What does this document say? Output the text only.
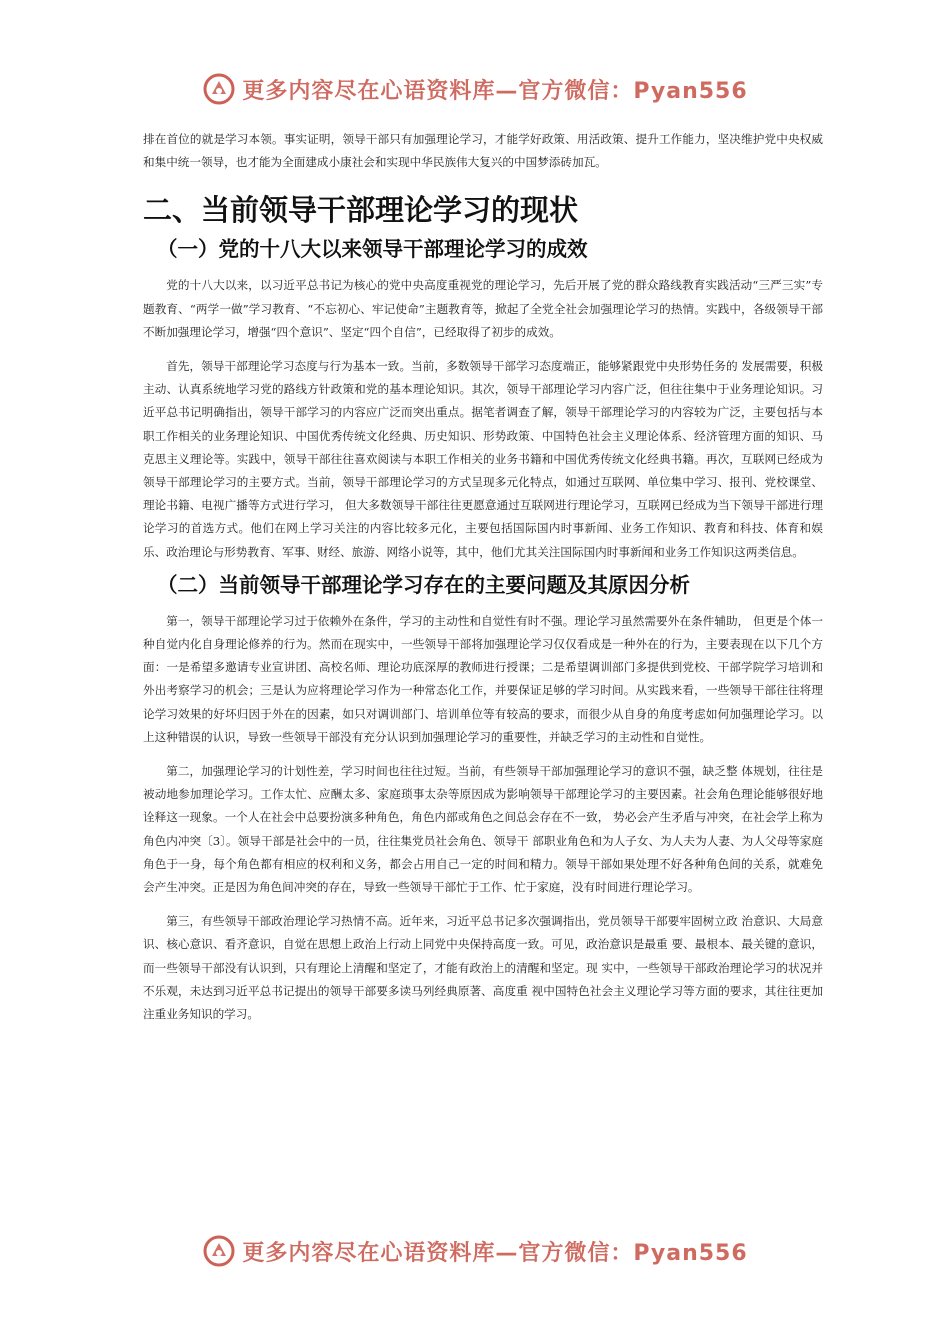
更多内容尽在心语资料库—官方微信：Pyan556

排在首位的就是学习本领。事实证明，领导干部只有加强理论学习，才能学好政策、用活政策、提升工作能力，坚决维护党中央权威和集中统一领导，也才能为全面建成小康社会和实现中华民族伟大复兴的中国梦添砖加瓦。

二、当前领导干部理论学习的现状
（一）党的十八大以来领导干部理论学习的成效

党的十八大以来，以习近平总书记为核心的党中央高度重视党的理论学习，先后开展了党的群众路线教育实践活动“三严三实”专题教育、“两学一做”学习教育、“不忘初心、牢记使命”主题教育等，掀起了全党全社会加强理论学习的热情。实践中，各级领导干部不断加强理论学习，增强“四个意识”、坚定“四个自信”，已经取得了初步的成效。

首先，领导干部理论学习态度与行为基本一致。当前，多数领导干部学习态度端正，能够紧跟党中央形势任务的 发展需要，积极主动、认真系统地学习党的路线方针政策和党的基本理论知识。其次，领导干部理论学习内容广泛，但往往集中于业务理论知识。习近平总书记明确指出，领导干部学习的内容应广泛而突出重点。据笔者调查了解，领导干部理论学习的内容较为广泛，主要包括与本职工作相关的业务理论知识、中国优秀传统文化经典、历史知识、形势政策、中国特色社会主义理论体系、经济管理方面的知识、马克思主义理论等。实践中，领导干部往往喜欢阅读与本职工作相关的业务书籍和中国优秀传统文化经典书籍。再次，互联网已经成为领导干部理论学习的主要方式。当前，领导干部理论学习的方式呈现多元化特点，如通过互联网、单位集中学习、报刊、党校课堂、理论书籍、电视广播等方式进行学习， 但大多数领导干部往往更愿意通过互联网进行理论学习，互联网已经成为当下领导干部进行理论学习的首选方式。他们在网上学习关注的内容比较多元化，主要包括国际国内时事新闻、业务工作知识、教育和科技、体育和娱乐、政治理论与形势教育、军事、财经、旅游、网络小说等，其中，他们尤其关注国际国内时事新闻和业务工作知识这两类信息。

（二）当前领导干部理论学习存在的主要问题及其原因分析

第一，领导干部理论学习过于依赖外在条件，学习的主动性和自觉性有时不强。理论学习虽然需要外在条件辅助， 但更是个体一种自觉内化自身理论修养的行为。然而在现实中，一些领导干部将加强理论学习仅仅看成是一种外在的行为，主要表现在以下几个方面：一是希望多邀请专业宣讲团、高校名师、理论功底深厚的教师进行授课；二是希望调训部门多提供到党校、干部学院学习培训和外出考察学习的机会；三是认为应将理论学习作为一种常态化工作，并要保证足够的学习时间。从实践来看，一些领导干部往往将理论学习效果的好坏归因于外在的因素，如只对调训部门、培训单位等有较高的要求，而很少从自身的角度考虑如何加强理论学习。以上这种错误的认识，导致一些领导干部没有充分认识到加强理论学习的重要性，并缺乏学习的主动性和自觉性。

第二，加强理论学习的计划性差，学习时间也往往过短。当前，有些领导干部加强理论学习的意识不强，缺乏整 体规划，往往是被动地参加理论学习。工作太忙、应酬太多、家庭琐事太杂等原因成为影响领导干部理论学习的主要因素。社会角色理论能够很好地诠释这一现象。一个人在社会中总要扮演多种角色，角色内部或角色之间总会存在不一致， 势必会产生矛盾与冲突，在社会学上称为角色内冲突〔3〕。领导干部是社会中的一员，往往集党员社会角色、领导干 部职业角色和为人子女、为人夫为人妻、为人父母等家庭角色于一身，每个角色都有相应的权利和义务，都会占用自己一定的时间和精力。领导干部如果处理不好各种角色间的关系，就难免会产生冲突。正是因为角色间冲突的存在，导致一些领导干部忙于工作、忙于家庭，没有时间进行理论学习。

第三，有些领导干部政治理论学习热情不高。近年来，习近平总书记多次强调指出，党员领导干部要牢固树立政 治意识、大局意识、核心意识、看齐意识，自觉在思想上政治上行动上同党中央保持高度一致。可见，政治意识是最重 要、最根本、最关键的意识，而一些领导干部没有认识到，只有理论上清醒和坚定了，才能有政治上的清醒和坚定。现 实中，一些领导干部政治理论学习的状况并不乐观，未达到习近平总书记提出的领导干部要多读马列经典原著、高度重 视中国特色社会主义理论学习等方面的要求，其往往更加注重业务知识的学习。

更多内容尽在心语资料库—官方微信：Pyan556
